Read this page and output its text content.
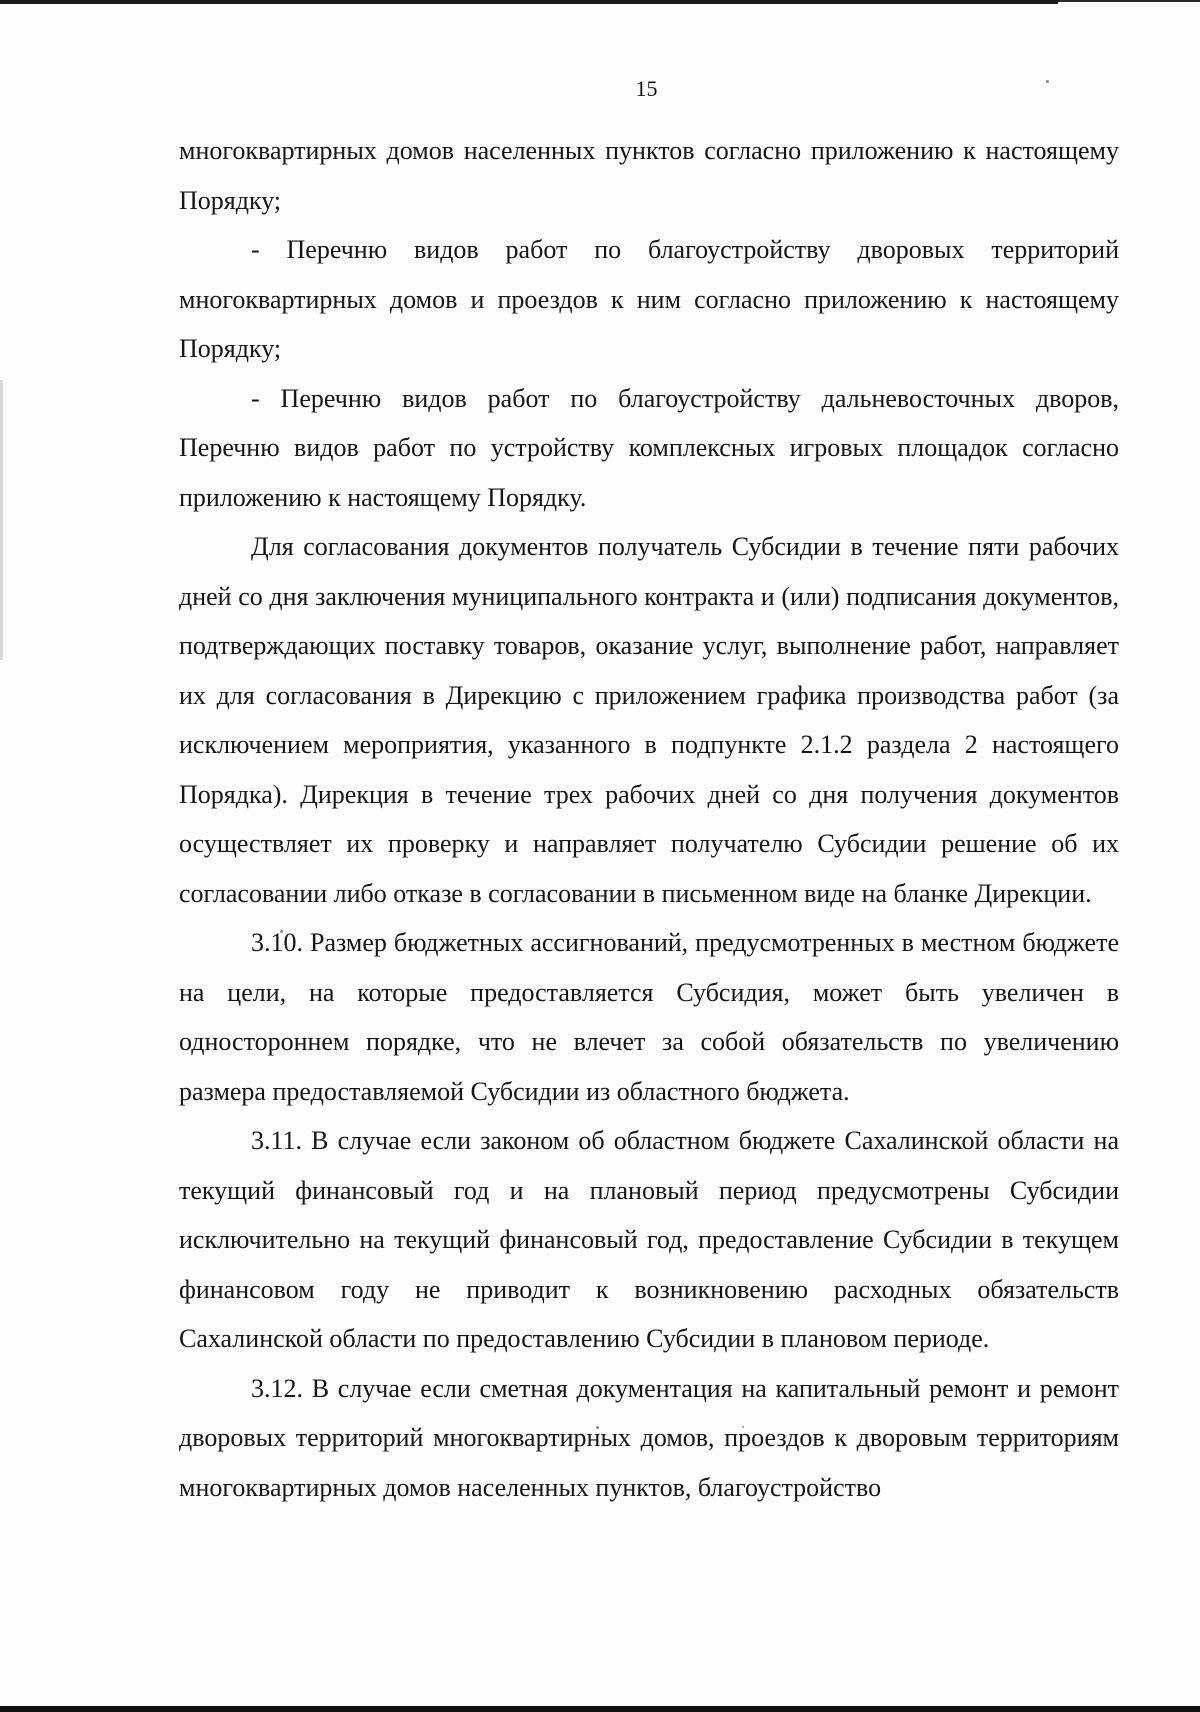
15

многоквартирных домов населенных пунктов согласно приложению к настоящему Порядку;

- Перечню видов работ по благоустройству дворовых территорий многоквартирных домов и проездов к ним согласно приложению к настоящему Порядку;

- Перечню видов работ по благоустройству дальневосточных дворов, Перечню видов работ по устройству комплексных игровых площадок согласно приложению к настоящему Порядку.

Для согласования документов получатель Субсидии в течение пяти рабочих дней со дня заключения муниципального контракта и (или) подписания документов, подтверждающих поставку товаров, оказание услуг, выполнение работ, направляет их для согласования в Дирекцию с приложением графика производства работ (за исключением мероприятия, указанного в подпункте 2.1.2 раздела 2 настоящего Порядка). Дирекция в течение трех рабочих дней со дня получения документов осуществляет их проверку и направляет получателю Субсидии решение об их согласовании либо отказе в согласовании в письменном виде на бланке Дирекции.

3.10. Размер бюджетных ассигнований, предусмотренных в местном бюджете на цели, на которые предоставляется Субсидия, может быть увеличен в одностороннем порядке, что не влечет за собой обязательств по увеличению размера предоставляемой Субсидии из областного бюджета.

3.11. В случае если законом об областном бюджете Сахалинской области на текущий финансовый год и на плановый период предусмотрены Субсидии исключительно на текущий финансовый год, предоставление Субсидии в текущем финансовом году не приводит к возникновению расходных обязательств Сахалинской области по предоставлению Субсидии в плановом периоде.

3.12. В случае если сметная документация на капитальный ремонт и ремонт дворовых территорий многоквартирных домов, проездов к дворовым территориям многоквартирных домов населенных пунктов, благоустройство
